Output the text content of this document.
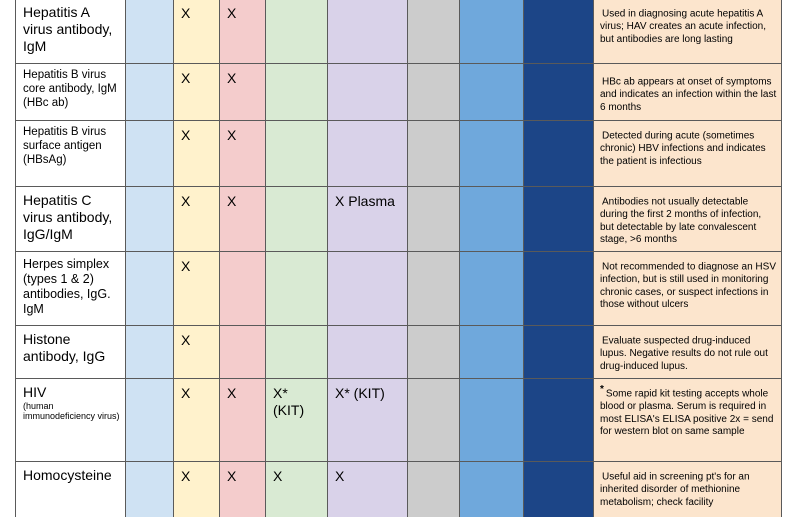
Hepatitis A virus antibody, IgM		X	X						Used in diagnosing acute hepatitis A virus; HAV creates an acute infection, but antibodies are long lasting

Hepatitis B virus core antibody, IgM (HBc ab)		X	X						HBc ab appears at onset of symptoms and indicates an infection within the last 6 months

Hepatitis B virus surface antigen (HBsAg)		X	X						Detected during acute (sometimes chronic) HBV infections and indicates the patient is infectious

Hepatitis C virus antibody, IgG/IgM		X	X		X Plasma				Antibodies not usually detectable during the first 2 months of infection, but detectable by late convalescent stage, >6 months

Herpes simplex (types 1 & 2) antibodies, IgG. IgM		X							Not recommended to diagnose an HSV infection, but is still used in monitoring chronic cases, or suspect infections in those without ulcers

Histone antibody, IgG		X							Evaluate suspected drug-induced lupus. Negative results do not rule out drug-induced lupus.

HIV
(human immunodeficiency virus)		X	X	X* (KIT)	X* (KIT)				* Some rapid kit testing accepts whole blood or plasma. Serum is required in most ELISA's ELISA positive 2x = send for western blot on same sample

Homocysteine		X	X	X	X				Useful aid in screening pt's for an inherited disorder of methionine metabolism; check facility
